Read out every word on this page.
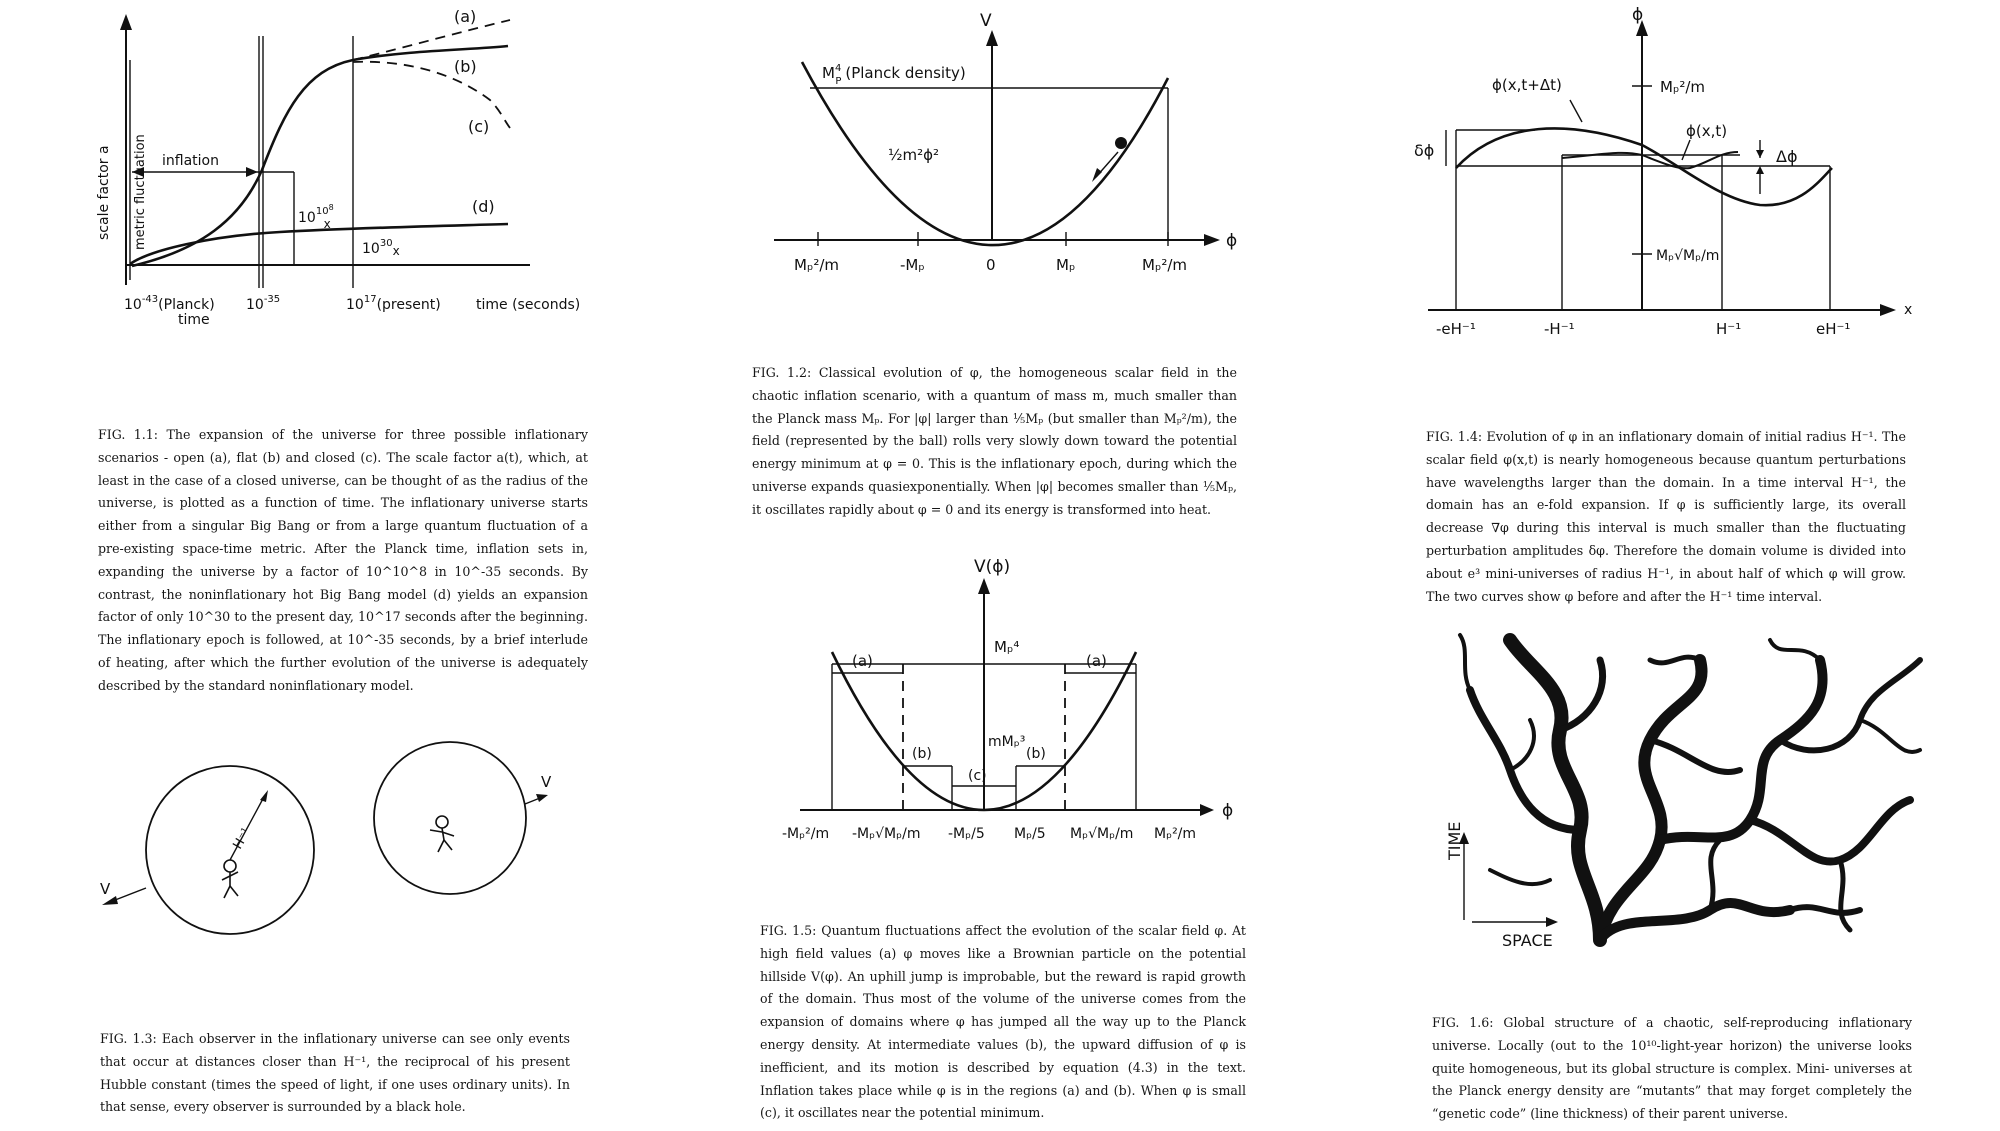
(a)
(b)
(c)
(d)
inflation
$10^{108}$ x
$10^{30}x$
scale factor a metric fluctuation
$10^{-43}(Planck)$
time
$10^{-35}$	$10^{17}(present)$	time (seconds)

FIG. 1.1: The expansion of the universe for three possible inflationary scenarios - open (a), flat (b) and closed (c). The scale factor a(t), which, at least in the case of a closed universe, can be thought of as the radius of the universe, is plotted as a function of time. The inflationary universe starts either from a singular Big Bang or from a large quantum fluctuation of a pre-existing space-time metric. After the Planck time, inflation sets in, expanding the universe by a factor of 10^10^8 in 10^-35 seconds. By contrast, the noninflationary hot Big Bang model (d) yields an expansion factor of only 10^30 to the present day, 10^17 seconds after the beginning. The inflationary epoch is followed, at 10^-35 seconds, by a brief interlude of heating, after which the further evolution of the universe is adequately described by the standard noninflationary model.

V
$M^4$ P (Planck density)
½m²ϕ²
ϕ
Mₚ²/m	-Mₚ	0	Mₚ	Mₚ²/m

FIG. 1.2: Classical evolution of φ, the homogeneous scalar field in the chaotic inflation scenario, with a quantum of mass m, much smaller than the Planck mass Mₚ. For |φ| larger than ⅕Mₚ (but smaller than Mₚ²/m), the field (represented by the ball) rolls very slowly down toward the potential energy minimum at φ = 0. This is the inflationary epoch, during which the universe expands quasiexponentially. When |φ| becomes smaller than ⅕Mₚ, it oscillates rapidly about φ = 0 and its energy is transformed into heat.

V
V
H⁻¹

FIG. 1.3: Each observer in the inflationary universe can see only events that occur at distances closer than H⁻¹, the reciprocal of his present Hubble constant (times the speed of light, if one uses ordinary units). In that sense, every observer is surrounded by a black hole.

ϕ
Mₚ²/m
ϕ(x,t+Δt)
ϕ(x,t)
δϕ	Δϕ
Mₚ√Mₚ/m
x
-eH⁻¹	-H⁻¹	H⁻¹	eH⁻¹

FIG. 1.4: Evolution of φ in an inflationary domain of initial radius H⁻¹. The scalar field φ(x,t) is nearly homogeneous because quantum perturbations have wavelengths larger than the domain. In a time interval H⁻¹, the domain has an e-fold expansion. If φ is sufficiently large, its overall decrease ∇φ during this interval is much smaller than the fluctuating perturbation amplitudes δφ. Therefore the domain volume is divided into about e³ mini-universes of radius H⁻¹, in about half of which φ will grow. The two curves show φ before and after the H⁻¹ time interval.

V(ϕ)
Mₚ⁴
mMₚ³
(a)	(a)
(b)	(b)
(c)
ϕ
-Mₚ²/m -Mₚ√Mₚ/m -Mₚ/5 Mₚ/5 Mₚ√Mₚ/m Mₚ²/m

FIG. 1.5: Quantum fluctuations affect the evolution of the scalar field φ. At high field values (a) φ moves like a Brownian particle on the potential hillside V(φ). An uphill jump is improbable, but the reward is rapid growth of the domain. Thus most of the volume of the universe comes from the expansion of domains where φ has jumped all the way up to the Planck energy density. At intermediate values (b), the upward diffusion of φ is inefficient, and its motion is described by equation (4.3) in the text. Inflation takes place while φ is in the regions (a) and (b). When φ is small (c), it oscillates near the potential minimum.

TIME
SPACE

FIG. 1.6: Global structure of a chaotic, self-reproducing inflationary universe. Locally (out to the 10¹⁰-light-year horizon) the universe looks quite homogeneous, but its global structure is complex. Mini- universes at the Planck energy density are “mutants” that may forget completely the “genetic code” (line thickness) of their parent universe.
